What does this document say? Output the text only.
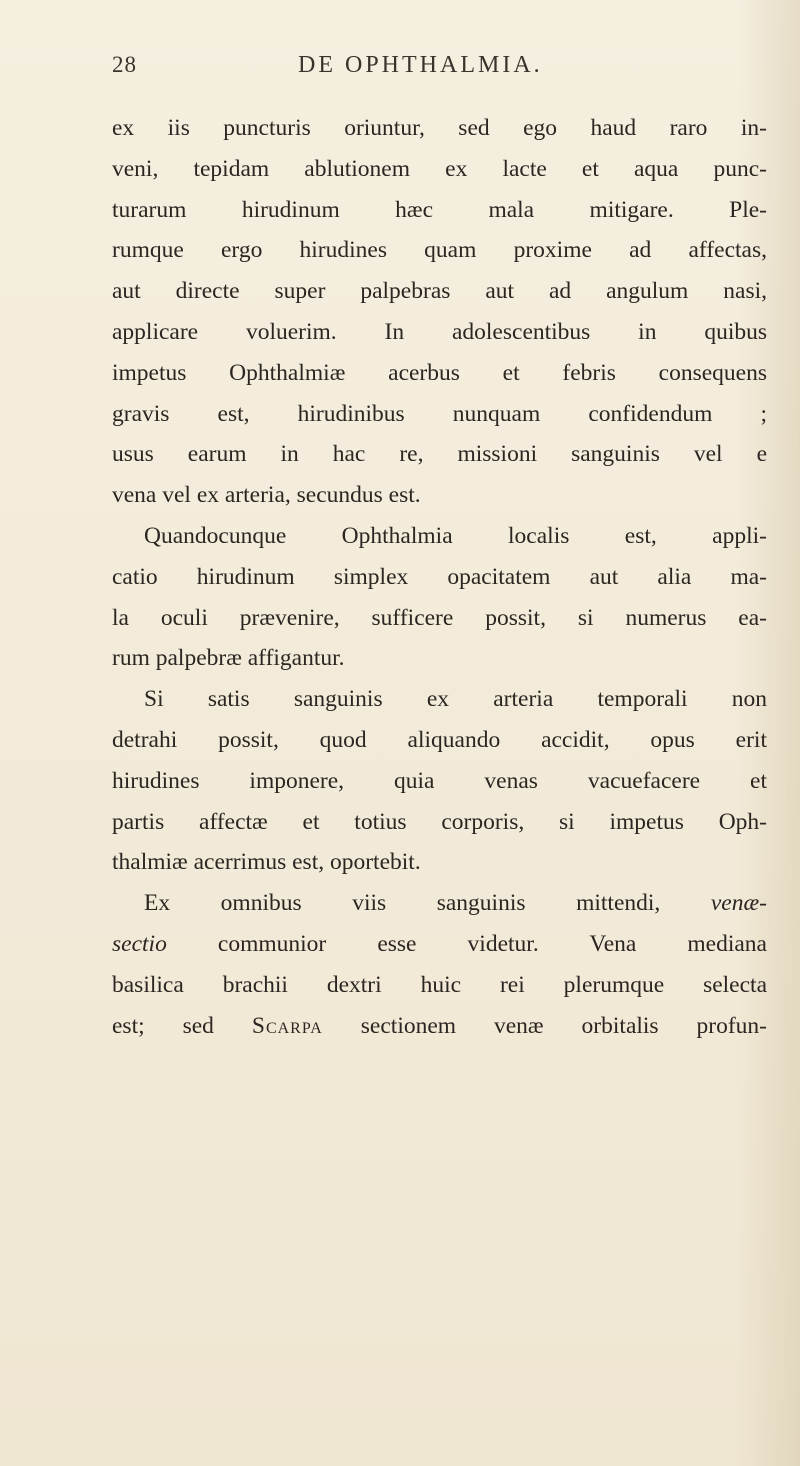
28	DE OPHTHALMIA.
ex iis puncturis oriuntur, sed ego haud raro in-
veni, tepidam ablutionem ex lacte et aqua punc-
turarum hirudinum hæc mala mitigare. Ple-
rumque ergo hirudines quam proxime ad affectas,
aut directe super palpebras aut ad angulum nasi,
applicare voluerim. In adolescentibus in quibus
impetus Ophthalmiæ acerbus et febris consequens
gravis est, hirudinibus nunquam confidendum ;
usus earum in hac re, missioni sanguinis vel e
vena vel ex arteria, secundus est.
Quandocunque Ophthalmia localis est, appli-
catio hirudinum simplex opacitatem aut alia ma-
la oculi prævenire, sufficere possit, si numerus ea-
rum palpebræ affigantur.
Si satis sanguinis ex arteria temporali non
detrahi possit, quod aliquando accidit, opus erit
hirudines imponere, quia venas vacuefacere et
partis affectæ et totius corporis, si impetus Oph-
thalmiæ acerrimus est, oportebit.
Ex omnibus viis sanguinis mittendi, venæ-
sectio communior esse videtur. Vena mediana
basilica brachii dextri huic rei plerumque selecta
est; sed Scarpa sectionem venæ orbitalis profun-
